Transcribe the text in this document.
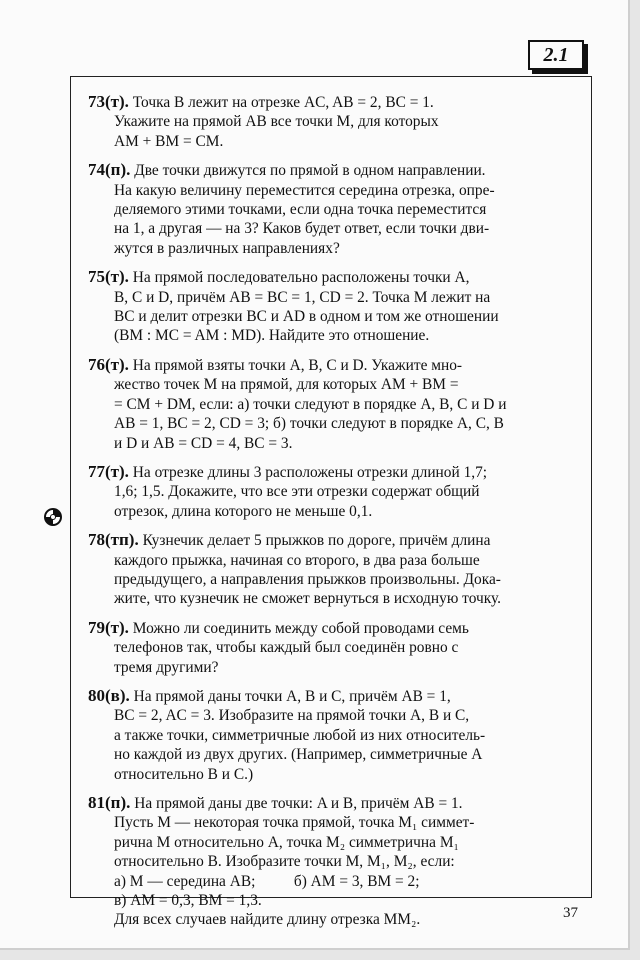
2.1
73(т). Точка B лежит на отрезке AC, AB = 2, BC = 1.
Укажите на прямой AB все точки M, для которых
AM + BM = CM.
74(п). Две точки движутся по прямой в одном направлении.
На какую величину переместится середина отрезка, опре-
деляемого этими точками, если одна точка переместится
на 1, а другая — на 3? Каков будет ответ, если точки дви-
жутся в различных направлениях?
75(т). На прямой последовательно расположены точки A,
B, C и D, причём AB = BC = 1, CD = 2. Точка M лежит на
BC и делит отрезки BC и AD в одном и том же отношении
(BM : MC = AM : MD). Найдите это отношение.
76(т). На прямой взяты точки A, B, C и D. Укажите мно-
жество точек M на прямой, для которых AM + BM =
= CM + DM, если: а) точки следуют в порядке A, B, C и D и
AB = 1, BC = 2, CD = 3; б) точки следуют в порядке A, C, B
и D и AB = CD = 4, BC = 3.
77(т). На отрезке длины 3 расположены отрезки длиной 1,7;
1,6; 1,5. Докажите, что все эти отрезки содержат общий
отрезок, длина которого не меньше 0,1.
78(тп). Кузнечик делает 5 прыжков по дороге, причём длина
каждого прыжка, начиная со второго, в два раза больше
предыдущего, а направления прыжков произвольны. Дока-
жите, что кузнечик не сможет вернуться в исходную точку.
79(т). Можно ли соединить между собой проводами семь
телефонов так, чтобы каждый был соединён ровно с
тремя другими?
80(в). На прямой даны точки A, B и C, причём AB = 1,
BC = 2, AC = 3. Изобразите на прямой точки A, B и C,
а также точки, симметричные любой из них относитель-
но каждой из двух других. (Например, симметричные A
относительно B и C.)
81(п). На прямой даны две точки: A и B, причём AB = 1.
Пусть M — некоторая точка прямой, точка M₁ симмет-
рична M относительно A, точка M₂ симметрична M₁
относительно B. Изобразите точки M, M₁, M₂, если:
а) M — середина AB;          б) AM = 3, BM = 2;
в) AM = 0,3, BM = 1,3.
Для всех случаев найдите длину отрезка MM₂.	37
